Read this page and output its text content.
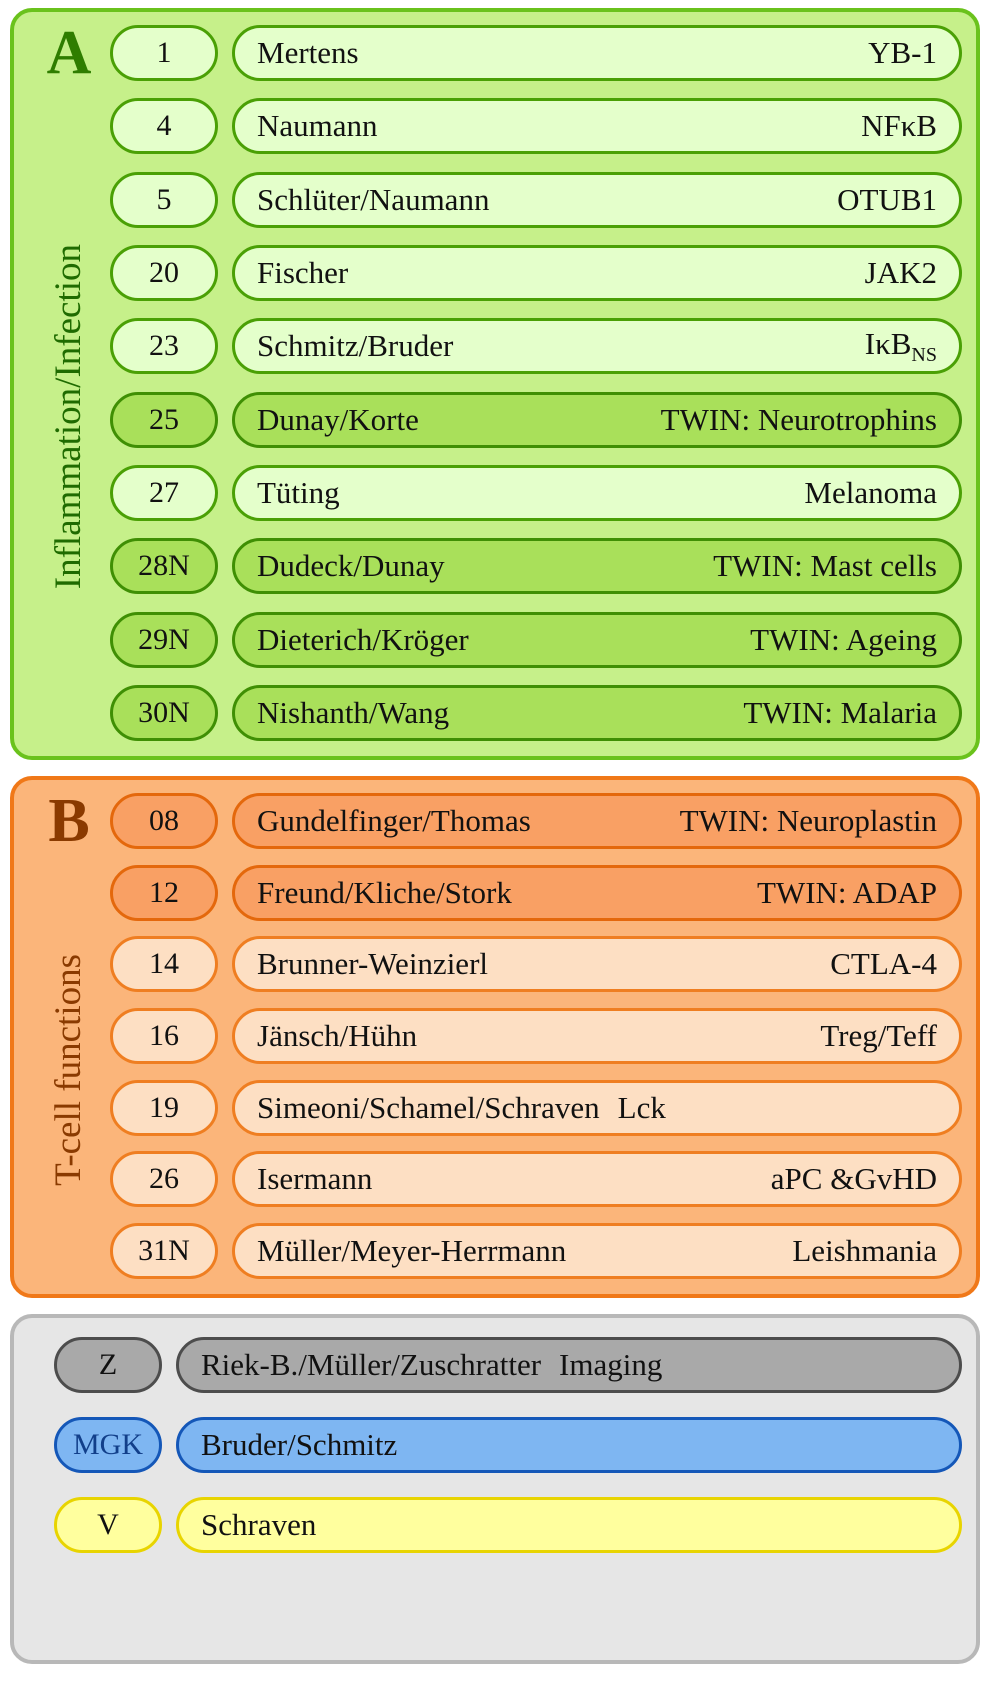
A
Inflammation/Infection
1	Mertens	YB-1
4	Naumann	NFκB
5	Schlüter/Naumann	OTUB1
20	Fischer	JAK2
23	Schmitz/Bruder	IκB$_{NS}$
25	Dunay/Korte	TWIN: Neurotrophins
27	Tüting	Melanoma
28N	Dudeck/Dunay	TWIN: Mast cells
29N	Dieterich/Kröger	TWIN: Ageing
30N	Nishanth/Wang	TWIN: Malaria
B
T-cell functions
08	Gundelfinger/Thomas	TWIN: Neuroplastin
12	Freund/Kliche/Stork	TWIN: ADAP
14	Brunner-Weinzierl	CTLA-4
16	Jänsch/Hühn	Treg/Teff
19	Simeoni/Schamel/Schraven Lck
26	Isermann	aPC &GvHD
31N	Müller/Meyer-Herrmann	Leishmania
Z	Riek-B./Müller/Zuschratter Imaging
MGK	Bruder/Schmitz
V	Schraven
